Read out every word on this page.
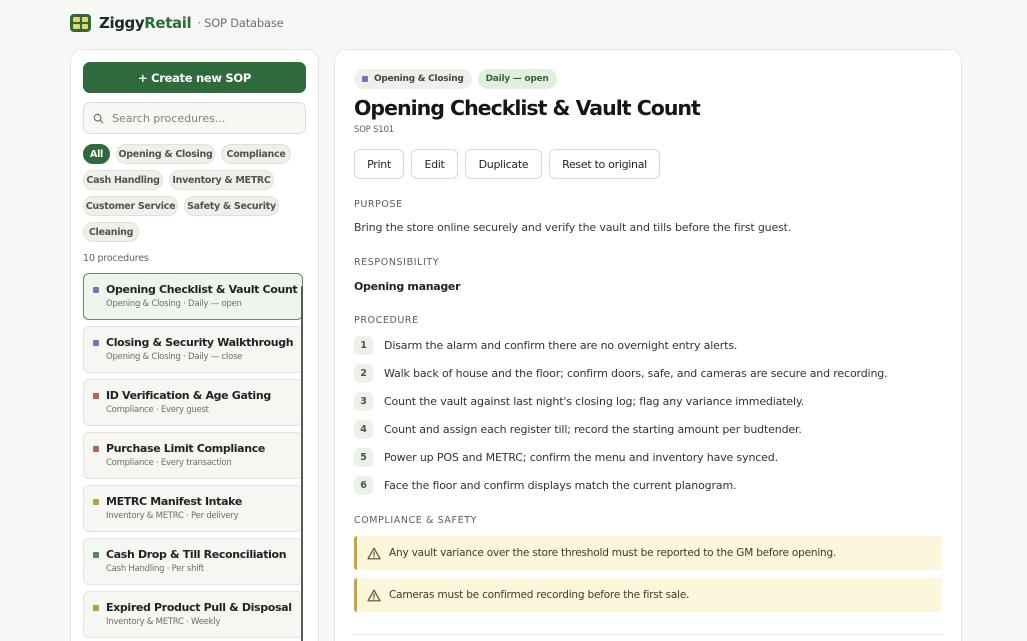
ZiggyRetail · SOP Database
+ Create new SOP
Search procedures...
All	Opening & Closing	Compliance
Cash Handling	Inventory & METRC
Customer Service	Safety & Security
Cleaning
10 procedures
Opening Checklist & Vault Count
Opening & Closing · Daily — open
Closing & Security Walkthrough
Opening & Closing · Daily — close
ID Verification & Age Gating
Compliance · Every guest
Purchase Limit Compliance
Compliance · Every transaction
METRC Manifest Intake
Inventory & METRC · Per delivery
Cash Drop & Till Reconciliation
Cash Handling · Per shift
Expired Product Pull & Disposal
Inventory & METRC · Weekly
Opening & Closing	Daily — open
Opening Checklist & Vault Count
SOP S101
Print	Edit	Duplicate	Reset to original
PURPOSE
Bring the store online securely and verify the vault and tills before the first guest.
RESPONSIBILITY
Opening manager
PROCEDURE
1	Disarm the alarm and confirm there are no overnight entry alerts.
2	Walk back of house and the floor; confirm doors, safe, and cameras are secure and recording.
3	Count the vault against last night's closing log; flag any variance immediately.
4	Count and assign each register till; record the starting amount per budtender.
5	Power up POS and METRC; confirm the menu and inventory have synced.
6	Face the floor and confirm displays match the current planogram.
COMPLIANCE & SAFETY
Any vault variance over the store threshold must be reported to the GM before opening.
Cameras must be confirmed recording before the first sale.
